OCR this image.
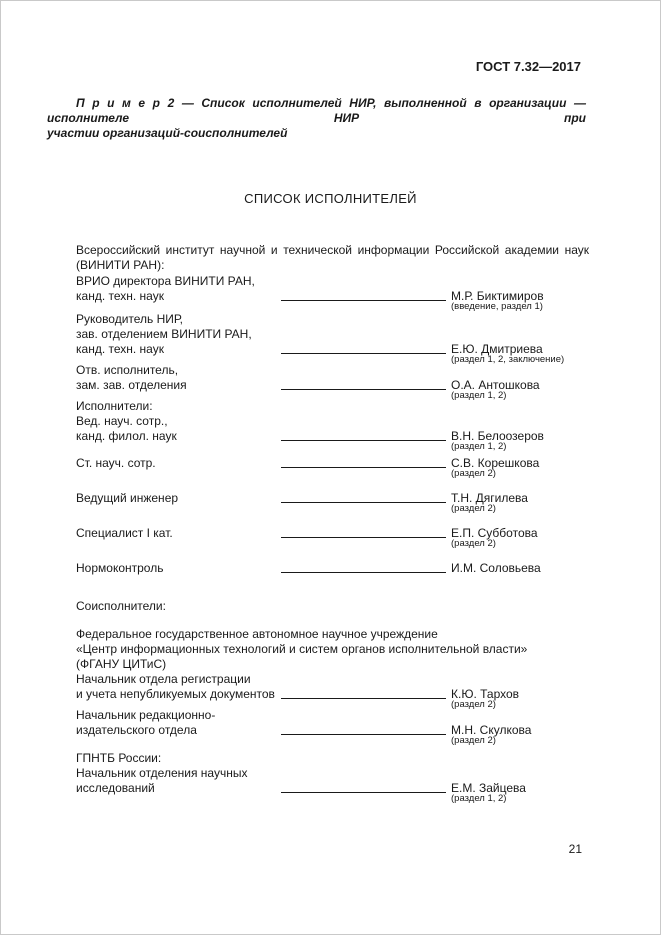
ГОСТ 7.32—2017
П р и м е р 2 — Список исполнителей НИР, выполненной в организации — исполнителе НИР при
участии организаций-соисполнителей
СПИСОК ИСПОЛНИТЕЛЕЙ
Всероссийский институт научной и технической информации Российской академии наук
(ВИНИТИ РАН):
ВРИО директора ВИНИТИ РАН,
канд. техн. наук	М.Р. Биктимиров
(введение, раздел 1)
Руководитель НИР,
зав. отделением ВИНИТИ РАН,
канд. техн. наук	Е.Ю. Дмитриева
(раздел 1, 2, заключение)
Отв. исполнитель,
зам. зав. отделения	О.А. Антошкова
(раздел 1, 2)
Исполнители:
Вед. науч. сотр.,
канд. филол. наук	В.Н. Белоозеров
(раздел 1, 2)
Ст. науч. сотр.	С.В. Корешкова
(раздел 2)
Ведущий инженер	Т.Н. Дягилева
(раздел 2)
Специалист I кат.	Е.П. Субботова
(раздел 2)
Нормоконтроль	И.М. Соловьева
Соисполнители:
Федеральное государственное автономное научное учреждение
«Центр информационных технологий и систем органов исполнительной власти»
(ФГАНУ ЦИТиС)
Начальник отдела регистрации
и учета непубликуемых документов	К.Ю. Тархов
(раздел 2)
Начальник редакционно-
издательского отдела	М.Н. Скулкова
(раздел 2)
ГПНТБ России:
Начальник отделения научных
исследований	Е.М. Зайцева
(раздел 1, 2)
21
